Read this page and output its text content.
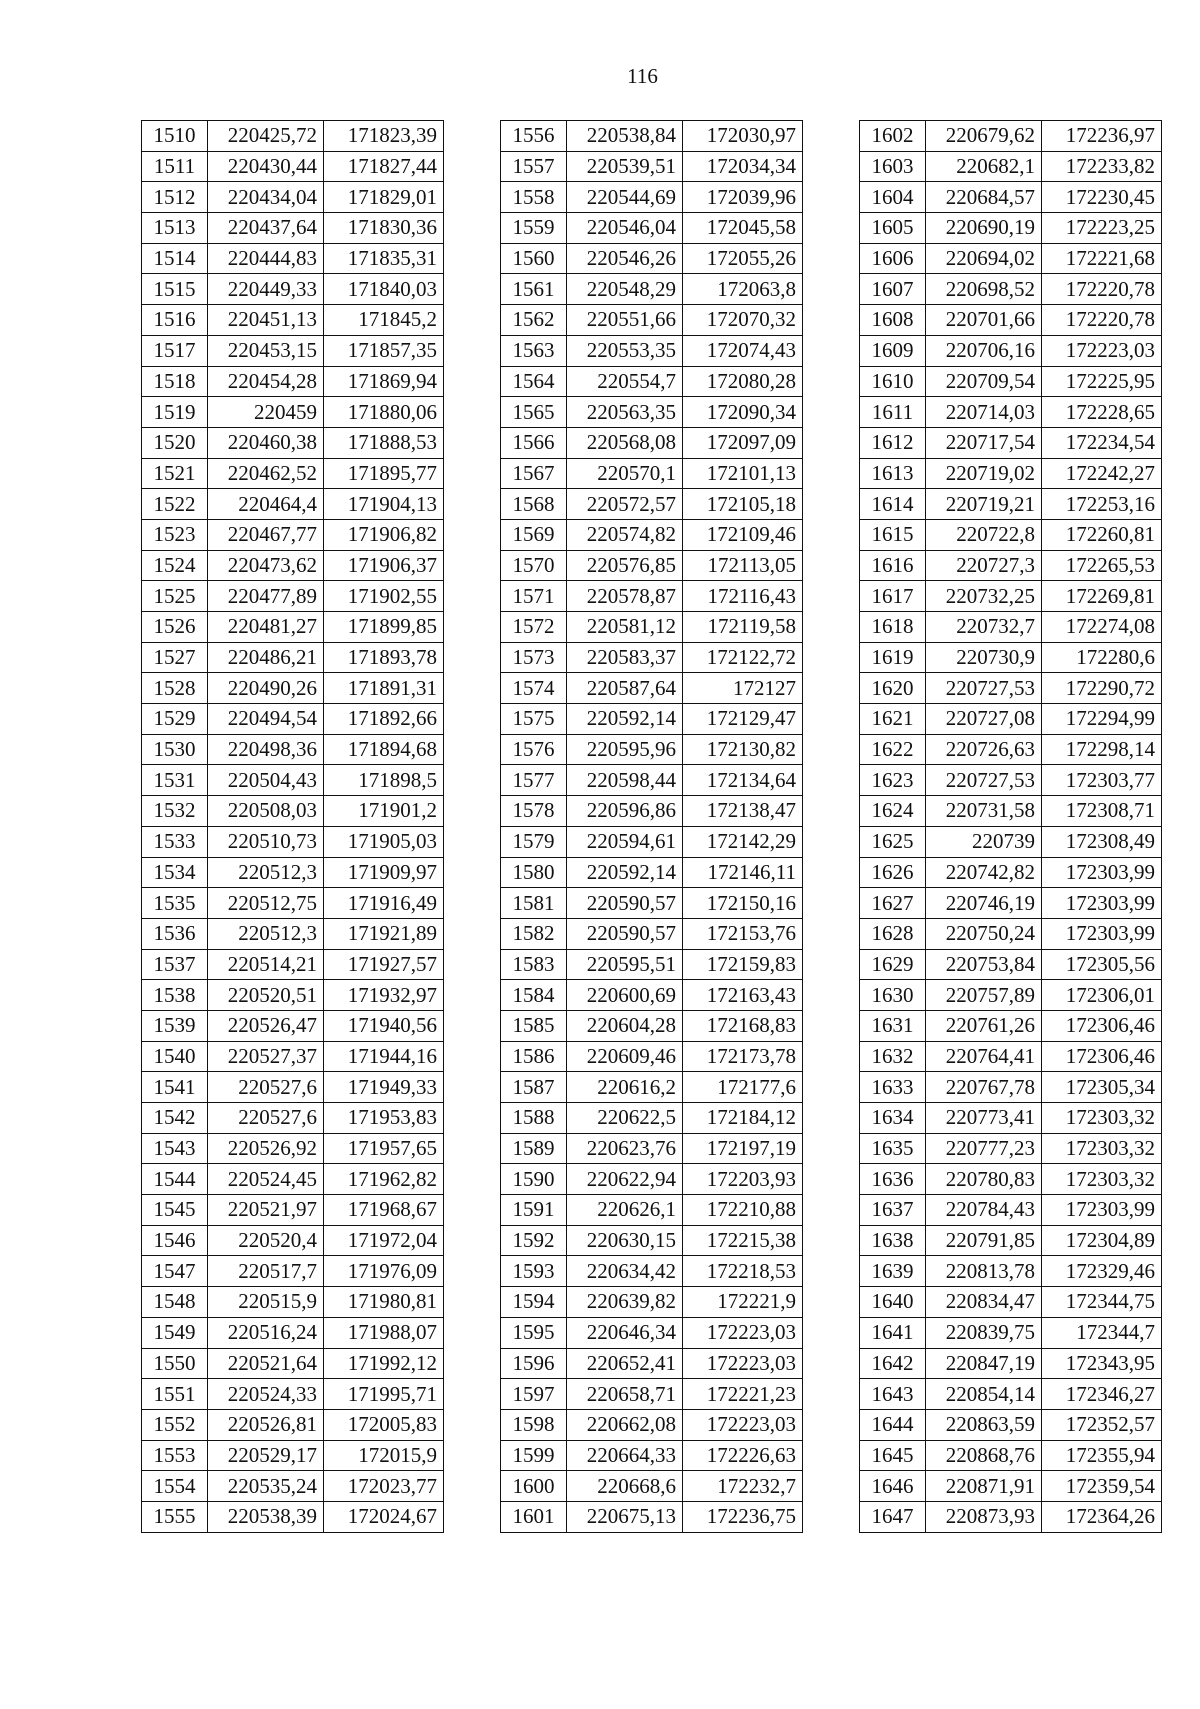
116
1510	220425,72	171823,39
1511	220430,44	171827,44
1512	220434,04	171829,01
1513	220437,64	171830,36
1514	220444,83	171835,31
1515	220449,33	171840,03
1516	220451,13	171845,2
1517	220453,15	171857,35
1518	220454,28	171869,94
1519	220459	171880,06
1520	220460,38	171888,53
1521	220462,52	171895,77
1522	220464,4	171904,13
1523	220467,77	171906,82
1524	220473,62	171906,37
1525	220477,89	171902,55
1526	220481,27	171899,85
1527	220486,21	171893,78
1528	220490,26	171891,31
1529	220494,54	171892,66
1530	220498,36	171894,68
1531	220504,43	171898,5
1532	220508,03	171901,2
1533	220510,73	171905,03
1534	220512,3	171909,97
1535	220512,75	171916,49
1536	220512,3	171921,89
1537	220514,21	171927,57
1538	220520,51	171932,97
1539	220526,47	171940,56
1540	220527,37	171944,16
1541	220527,6	171949,33
1542	220527,6	171953,83
1543	220526,92	171957,65
1544	220524,45	171962,82
1545	220521,97	171968,67
1546	220520,4	171972,04
1547	220517,7	171976,09
1548	220515,9	171980,81
1549	220516,24	171988,07
1550	220521,64	171992,12
1551	220524,33	171995,71
1552	220526,81	172005,83
1553	220529,17	172015,9
1554	220535,24	172023,77
1555	220538,39	172024,67
1556	220538,84	172030,97
1557	220539,51	172034,34
1558	220544,69	172039,96
1559	220546,04	172045,58
1560	220546,26	172055,26
1561	220548,29	172063,8
1562	220551,66	172070,32
1563	220553,35	172074,43
1564	220554,7	172080,28
1565	220563,35	172090,34
1566	220568,08	172097,09
1567	220570,1	172101,13
1568	220572,57	172105,18
1569	220574,82	172109,46
1570	220576,85	172113,05
1571	220578,87	172116,43
1572	220581,12	172119,58
1573	220583,37	172122,72
1574	220587,64	172127
1575	220592,14	172129,47
1576	220595,96	172130,82
1577	220598,44	172134,64
1578	220596,86	172138,47
1579	220594,61	172142,29
1580	220592,14	172146,11
1581	220590,57	172150,16
1582	220590,57	172153,76
1583	220595,51	172159,83
1584	220600,69	172163,43
1585	220604,28	172168,83
1586	220609,46	172173,78
1587	220616,2	172177,6
1588	220622,5	172184,12
1589	220623,76	172197,19
1590	220622,94	172203,93
1591	220626,1	172210,88
1592	220630,15	172215,38
1593	220634,42	172218,53
1594	220639,82	172221,9
1595	220646,34	172223,03
1596	220652,41	172223,03
1597	220658,71	172221,23
1598	220662,08	172223,03
1599	220664,33	172226,63
1600	220668,6	172232,7
1601	220675,13	172236,75
1602	220679,62	172236,97
1603	220682,1	172233,82
1604	220684,57	172230,45
1605	220690,19	172223,25
1606	220694,02	172221,68
1607	220698,52	172220,78
1608	220701,66	172220,78
1609	220706,16	172223,03
1610	220709,54	172225,95
1611	220714,03	172228,65
1612	220717,54	172234,54
1613	220719,02	172242,27
1614	220719,21	172253,16
1615	220722,8	172260,81
1616	220727,3	172265,53
1617	220732,25	172269,81
1618	220732,7	172274,08
1619	220730,9	172280,6
1620	220727,53	172290,72
1621	220727,08	172294,99
1622	220726,63	172298,14
1623	220727,53	172303,77
1624	220731,58	172308,71
1625	220739	172308,49
1626	220742,82	172303,99
1627	220746,19	172303,99
1628	220750,24	172303,99
1629	220753,84	172305,56
1630	220757,89	172306,01
1631	220761,26	172306,46
1632	220764,41	172306,46
1633	220767,78	172305,34
1634	220773,41	172303,32
1635	220777,23	172303,32
1636	220780,83	172303,32
1637	220784,43	172303,99
1638	220791,85	172304,89
1639	220813,78	172329,46
1640	220834,47	172344,75
1641	220839,75	172344,7
1642	220847,19	172343,95
1643	220854,14	172346,27
1644	220863,59	172352,57
1645	220868,76	172355,94
1646	220871,91	172359,54
1647	220873,93	172364,26
